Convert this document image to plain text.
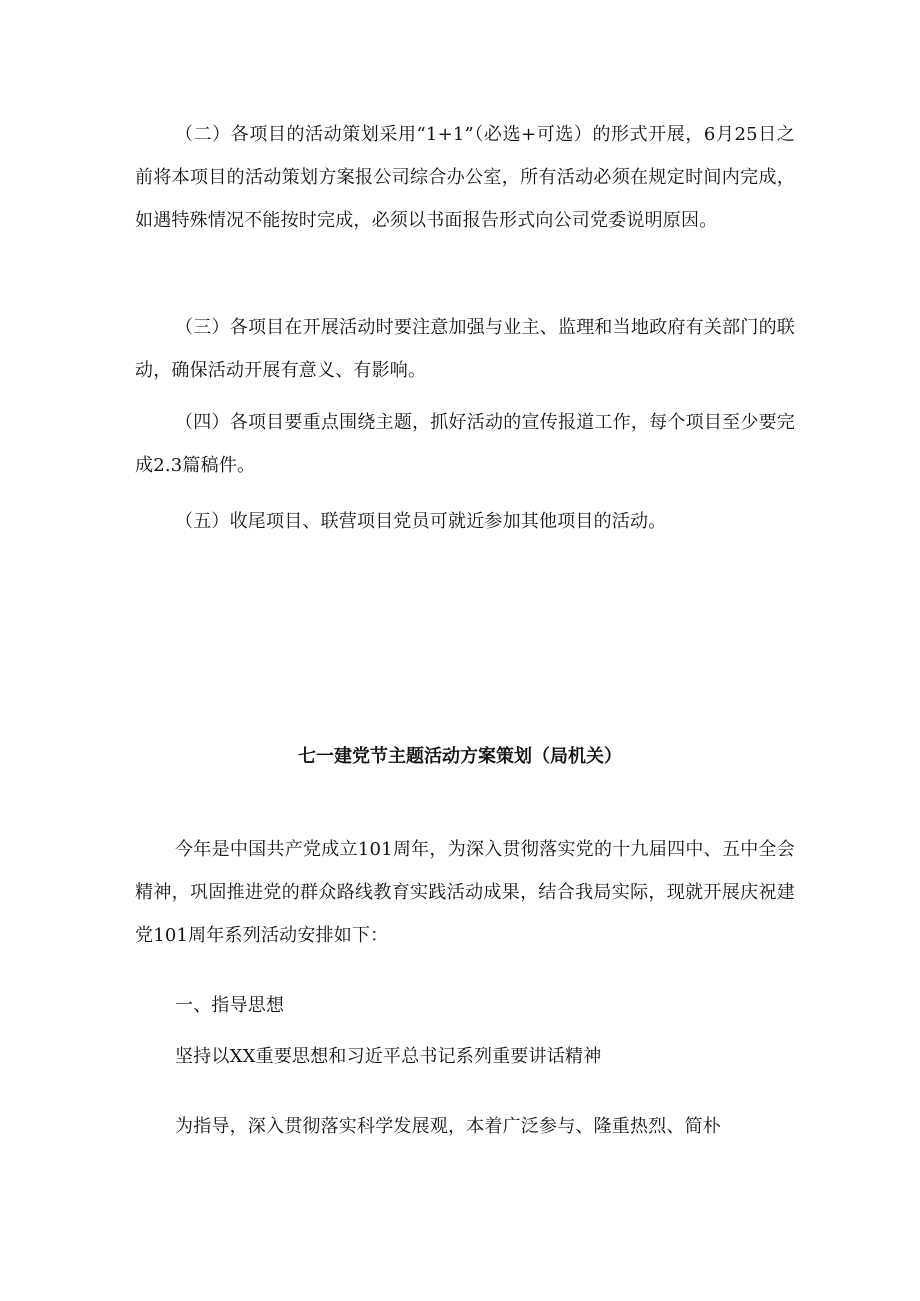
（二）各项目的活动策划采用“1+1”（必选+可选）的形式开展，6月25日之前将本项目的活动策划方案报公司综合办公室，所有活动必须在规定时间内完成，如遇特殊情况不能按时完成，必须以书面报告形式向公司党委说明原因。

（三）各项目在开展活动时要注意加强与业主、监理和当地政府有关部门的联动，确保活动开展有意义、有影响。

（四）各项目要重点围绕主题，抓好活动的宣传报道工作，每个项目至少要完成2.3篇稿件。

（五）收尾项目、联营项目党员可就近参加其他项目的活动。

七一建党节主题活动方案策划（局机关）

今年是中国共产党成立101周年，为深入贯彻落实党的十九届四中、五中全会精神，巩固推进党的群众路线教育实践活动成果，结合我局实际，现就开展庆祝建党101周年系列活动安排如下：

一、指导思想

坚持以XX重要思想和习近平总书记系列重要讲话精神

为指导，深入贯彻落实科学发展观，本着广泛参与、隆重热烈、简朴
